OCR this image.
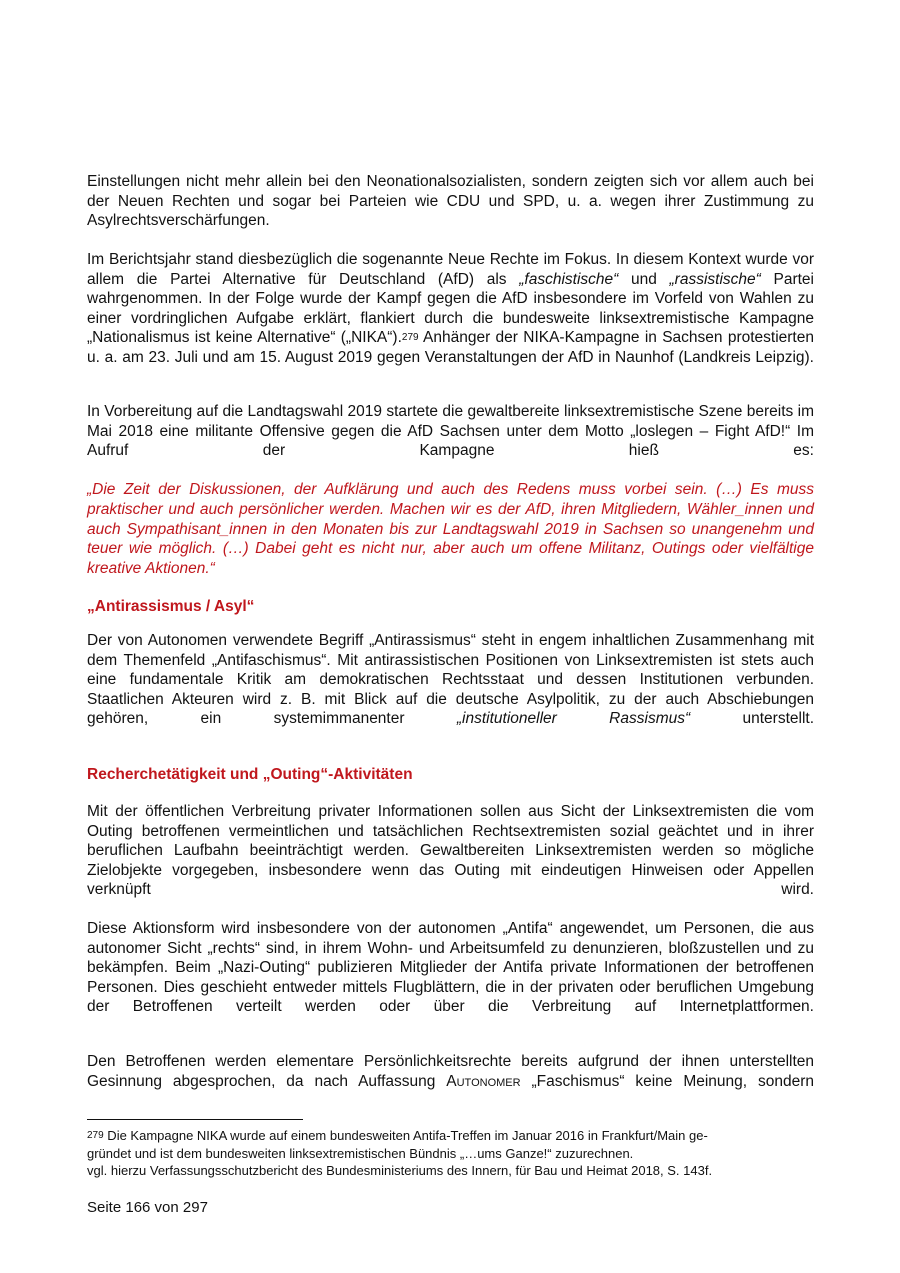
Einstellungen nicht mehr allein bei den Neonationalsozialisten, sondern zeigten sich vor allem auch bei der Neuen Rechten und sogar bei Parteien wie CDU und SPD, u. a. wegen ihrer Zustimmung zu Asylrechtsverschärfungen.

Im Berichtsjahr stand diesbezüglich die sogenannte Neue Rechte im Fokus. In diesem Kontext wurde vor allem die Partei Alternative für Deutschland (AfD) als „faschistische“ und „rassistische“ Partei wahrgenommen. In der Folge wurde der Kampf gegen die AfD insbesondere im Vorfeld von Wahlen zu einer vordringlichen Aufgabe erklärt, flankiert durch die bundesweite linksextremistische Kampagne „Nationalismus ist keine Alternative“ („NIKA“).$^{279}$ Anhänger der NIKA-Kampagne in Sachsen protestierten u. a. am 23. Juli und am 15. August 2019 gegen Veranstaltungen der AfD in Naunhof (Landkreis Leipzig).

In Vorbereitung auf die Landtagswahl 2019 startete die gewaltbereite linksextremistische Szene bereits im Mai 2018 eine militante Offensive gegen die AfD Sachsen unter dem Motto „loslegen – Fight AfD!“ Im Aufruf der Kampagne hieß es:

„Die Zeit der Diskussionen, der Aufklärung und auch des Redens muss vorbei sein. (…) Es muss praktischer und auch persönlicher werden. Machen wir es der AfD, ihren Mitgliedern, Wähler_innen und auch Sympathisant_innen in den Monaten bis zur Landtagswahl 2019 in Sachsen so unangenehm und teuer wie möglich. (…) Dabei geht es nicht nur, aber auch um offene Militanz, Outings oder vielfältige kreative Aktionen.“

„Antirassismus / Asyl“

Der von Autonomen verwendete Begriff „Antirassismus“ steht in engem inhaltlichen Zusammenhang mit dem Themenfeld „Antifaschismus“. Mit antirassistischen Positionen von Linksextremisten ist stets auch eine fundamentale Kritik am demokratischen Rechtsstaat und dessen Institutionen verbunden. Staatlichen Akteuren wird z. B. mit Blick auf die deutsche Asylpolitik, zu der auch Abschiebungen gehören, ein systemimmanenter „institutioneller Rassismus“ unterstellt.

Recherchetätigkeit und „Outing“-Aktivitäten

Mit der öffentlichen Verbreitung privater Informationen sollen aus Sicht der Linksextremisten die vom Outing betroffenen vermeintlichen und tatsächlichen Rechtsextremisten sozial geächtet und in ihrer beruflichen Laufbahn beeinträchtigt werden. Gewaltbereiten Linksextremisten werden so mögliche Zielobjekte vorgegeben, insbesondere wenn das Outing mit eindeutigen Hinweisen oder Appellen verknüpft wird.

Diese Aktionsform wird insbesondere von der autonomen „Antifa“ angewendet, um Personen, die aus autonomer Sicht „rechts“ sind, in ihrem Wohn- und Arbeitsumfeld zu denunzieren, bloßzustellen und zu bekämpfen. Beim „Nazi-Outing“ publizieren Mitglieder der Antifa private Informationen der betroffenen Personen. Dies geschieht entweder mittels Flugblättern, die in der privaten oder beruflichen Umgebung der Betroffenen verteilt werden oder über die Verbreitung auf Internetplattformen.

Den Betroffenen werden elementare Persönlichkeitsrechte bereits aufgrund der ihnen unterstellten Gesinnung abgesprochen, da nach Auffassung Autonomer „Faschismus“ keine Meinung, sondern

$^{279}$ Die Kampagne NIKA wurde auf einem bundesweiten Antifa-Treffen im Januar 2016 in Frankfurt/Main ge-
gründet und ist dem bundesweiten linksextremistischen Bündnis „…ums Ganze!“ zuzurechnen.
vgl. hierzu Verfassungsschutzbericht des Bundesministeriums des Innern, für Bau und Heimat 2018, S. 143f.
Seite 166 von 297
